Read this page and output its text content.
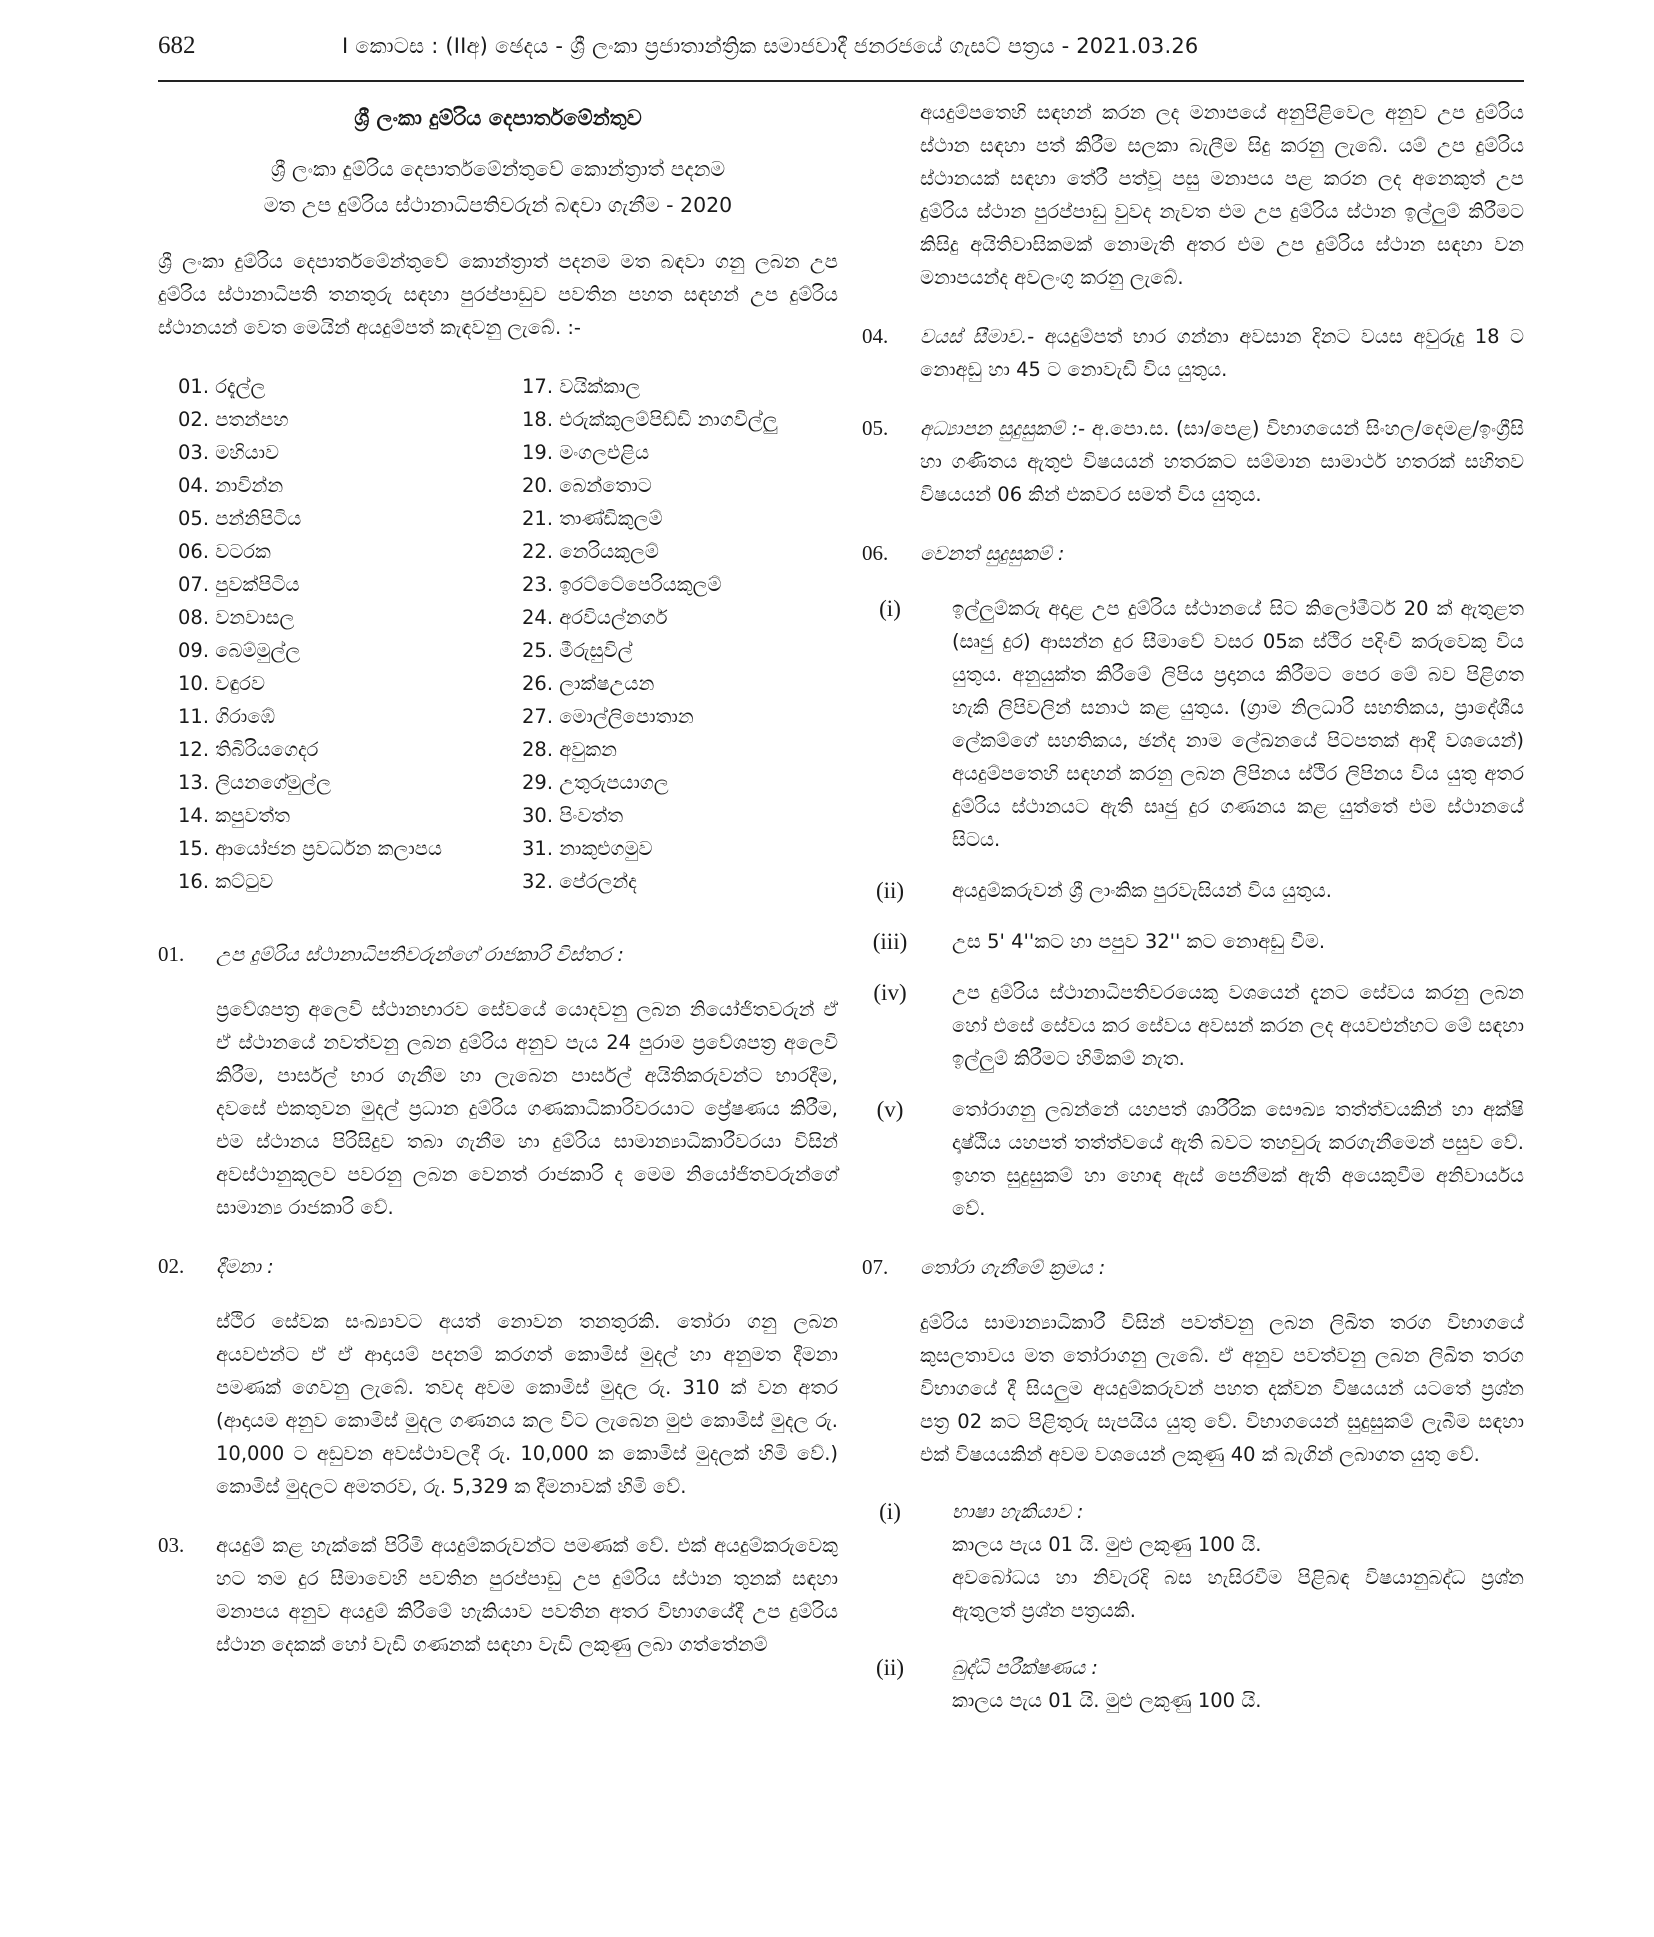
682	I කොටස : (IIඅ) ඡෙදය - ශ්‍රී ලංකා ප්‍රජාතාන්ත්‍රික සමාජවාදී ජනරජයේ ගැසට් පත්‍රය - 2021.03.26
ශ්‍රී ලංකා දුම්රිය දෙපාර්තමේන්තුව
ශ්‍රී ලංකා දුම්රිය දෙපාර්තමේන්තුවේ කොන්ත්‍රාත් පදනම
මත උප දුම්රිය ස්ථානාධිපතිවරුන් බඳවා ගැනීම - 2020

ශ්‍රී ලංකා දුම්රිය දෙපාර්තමේන්තුවේ කොන්ත්‍රාත් පදනම මත බඳවා ගනු ලබන උප දුම්රිය ස්ථානාධිපති තනතුරු සඳහා පුරප්පාඩුව පවතින පහත සඳහන් උප දුම්රිය ස්ථානයන් වෙත මෙයින් අයදුම්පත් කැඳවනු ලැබේ. :-

01. රදැල්ල
02. පතන්පහ
03. මහියාව
04. නාවින්න
05. පන්නිපිටිය
06. වටරක
07. පුවක්පිටිය
08. වනවාසල
09. බෙම්මුල්ල
10. වඳුරව
11. ගිරාඹේ
12. තිබිරියගෙදර
13. ලියනගේමුල්ල
14. කපුවත්ත
15. ආයෝජන ප්‍රවර්ධන කලාපය
16. කට්ටුව
17. වයික්කාල
18. එරුක්කුලම්පිඩ්ඩි නාගවිල්ලු
19. මංගලඑළිය
20. බෙන්තොට
21. තාණ්ඩිකුලම්
22. නෙරියකුලම්
23. ඉරට්ටේපෙරියකුලම්
24. අරවියල්නගර්
25. මීරුසුවිල්
26. ලාක්ෂඋයන
27. මොල්ලිපොතාන
28. අවුකන
29. උතුරුපයාගල
30. පිංවත්ත
31. නාකුළුගමුව
32. පේරලන්ද
01. උප දුම්රිය ස්ථානාධිපතිවරුන්ගේ රාජකාරි විස්තර :

ප්‍රවේශපත්‍ර අලෙවි ස්ථානභාරව සේවයේ යොදවනු ලබන නියෝජිතවරුන් ඒ ඒ ස්ථානයේ නවත්වනු ලබන දුම්රිය අනුව පැය 24 පුරාම ප්‍රවේශපත්‍ර අලෙවි කිරීම, පාර්සල් භාර ගැනීම හා ලැබෙන පාර්සල් අයිතිකරුවන්ට භාරදීම, දවසේ එකතුවන මුදල් ප්‍රධාන දුම්රිය ගණකාධිකාරිවරයාට ප්‍රේෂණය කිරීම, එම ස්ථානය පිරිසිදුව තබා ගැනීම හා දුම්රිය සාමාන්‍යාධිකාරීවරයා විසින් අවස්ථානුකූලව පවරනු ලබන වෙනත් රාජකාරි ද මෙම නියෝජිතවරුන්ගේ සාමාන්‍ය රාජකාරි වේ.

02. දීමනා :

ස්ථිර සේවක සංඛ්‍යාවට අයත් නොවන තනතුරකි. තෝරා ගනු ලබන අයවළුන්ට ඒ ඒ ආදායම් පදනම් කරගත් කොමිස් මුදල් හා අනුමත දීමනා පමණක් ගෙවනු ලැබේ. තවද අවම කොමිස් මුදල රු. 310 ක් වන අතර (ආදායම අනුව කොමිස් මුදල ගණනය කල විට ලැබෙන මුළු කොමිස් මුදල රු. 10,000 ට අඩුවන අවස්ථාවලදී රු. 10,000 ක කොමිස් මුදලක් හිමි වේ.) කොමිස් මුදලට අමතරව, රු. 5,329 ක දීමනාවක් හිමි වේ.

03. අයදුම් කළ හැක්කේ පිරිමි අයදුම්කරුවන්ට පමණක් වේ. එක් අයදුම්කරුවෙකු හට තම දුර සීමාවෙහි පවතින පුරප්පාඩු උප දුම්රිය ස්ථාන තුනක් සඳහා මනාපය අනුව අයදුම් කිරීමේ හැකියාව පවතින අතර විභාගයේදී උප දුම්රිය ස්ථාන දෙකක් හෝ වැඩි ගණනක් සඳහා වැඩි ලකුණු ලබා ගත්තේනම්

අයදුම්පතෙහි සඳහන් කරන ලද මනාපයේ අනුපිළිවෙල අනුව උප දුම්රිය ස්ථාන සඳහා පත් කිරීම සලකා බැලීම සිදු කරනු ලැබේ. යම් උප දුම්රිය ස්ථානයක් සඳහා තේරී පත්වූ පසු මනාපය පළ කරන ලද අනෙකුත් උප දුම්රිය ස්ථාන පුරප්පාඩු වුවද නැවත එම උප දුම්රිය ස්ථාන ඉල්ලුම් කිරීමට කිසිදු අයිතිවාසිකමක් නොමැති අතර එම උප දුම්රිය ස්ථාන සඳහා වන මනාපයන්ද අවලංගු කරනු ලැබේ.

04. වයස් සීමාව.- අයදුම්පත් භාර ගන්නා අවසාන දිනට වයස අවුරුදු 18 ට නොඅඩු හා 45 ට නොවැඩි විය යුතුය.

05. අධ්‍යාපන සුදුසුකම් :- අ.පො.ස. (සා/පෙළ) විභාගයෙන් සිංහල/දෙමළ/ඉංග්‍රීසි හා ගණිතය ඇතුළු විෂයයන් හතරකට සම්මාන සාමාර්ථ හතරක් සහිතව විෂයයන් 06 කින් එකවර සමත් විය යුතුය.

06. වෙනත් සුදුසුකම් :
(i)	ඉල්ලුම්කරු අදාළ උප දුම්රිය ස්ථානයේ සිට කිලෝමීටර් 20 ක් ඇතුළත (සෘජු දුර) ආසන්න දුර සීමාවේ වසර 05ක ස්ථිර පදිංචි කරුවෙකු විය යුතුය. අනුයුක්ත කිරීමේ ලිපිය ප්‍රදානය කිරීමට පෙර මේ බව පිළිගත හැකි ලිපිවලින් සනාථ කළ යුතුය. (ග්‍රාම නිලධාරි සහතිකය, ප්‍රාදේශීය ලේකම්ගේ සහතිකය, ඡන්ද නාම ලේඛනයේ පිටපතක් ආදී වශයෙන්) අයදුම්පතෙහි සඳහන් කරනු ලබන ලිපිනය ස්ථිර ලිපිනය විය යුතු අතර දුම්රිය ස්ථානයට ඇති සෘජු දුර ගණනය කළ යුත්තේ එම ස්ථානයේ සිටය.

(ii)	අයදුම්කරුවන් ශ්‍රී ලාංකික පුරවැසියන් විය යුතුය.

(iii)	උස 5' 4''කට හා පපුව 32'' කට නොඅඩු වීම.

(iv)	උප දුම්රිය ස්ථානාධිපතිවරයෙකු වශයෙන් දැනට සේවය කරනු ලබන හෝ එසේ සේවය කර සේවය අවසන් කරන ලද අයවළුන්හට මේ සඳහා ඉල්ලුම් කිරීමට හිමිකම් නැත.

(v)	තෝරාගනු ලබන්නේ යහපත් ශාරීරික සෞඛ්‍ය තත්ත්වයකින් හා අක්ෂි දෘෂ්ඨිය යහපත් තත්ත්වයේ ඇති බවට තහවුරු කරගැනීමෙන් පසුව වේ. ඉහත සුදුසුකම් හා හොඳ ඇස් පෙනීමක් ඇති අයෙකුවීම අනිවාර්යය වේ.

07. තෝරා ගැනීමේ ක්‍රමය :

දුම්රිය සාමාන්‍යාධිකාරී විසින් පවත්වනු ලබන ලිඛිත තරග විභාගයේ කුසලතාවය මත තෝරාගනු ලැබේ. ඒ අනුව පවත්වනු ලබන ලිඛිත තරග විභාගයේ දී සියලුම අයදුම්කරුවන් පහත දක්වන විෂයයන් යටතේ ප්‍රශ්න පත්‍ර 02 කට පිළිතුරු සැපයිය යුතු වේ. විභාගයෙන් සුදුසුකම් ලැබීම සඳහා එක් විෂයයකින් අවම වශයෙන් ලකුණු 40 ක් බැගින් ලබාගත යුතු වේ.

(i)	භාෂා හැකියාව :
කාලය පැය 01 යි. මුළු ලකුණු 100 යි.

අවබෝධය හා නිවැරදි බස හැසිරවීම පිළිබඳ විෂයානුබද්ධ ප්‍රශ්න ඇතුලත් ප්‍රශ්න පත්‍රයකි.

(ii)	බුද්ධි පරීක්ෂණය :
කාලය පැය 01 යි. මුළු ලකුණු 100 යි.
